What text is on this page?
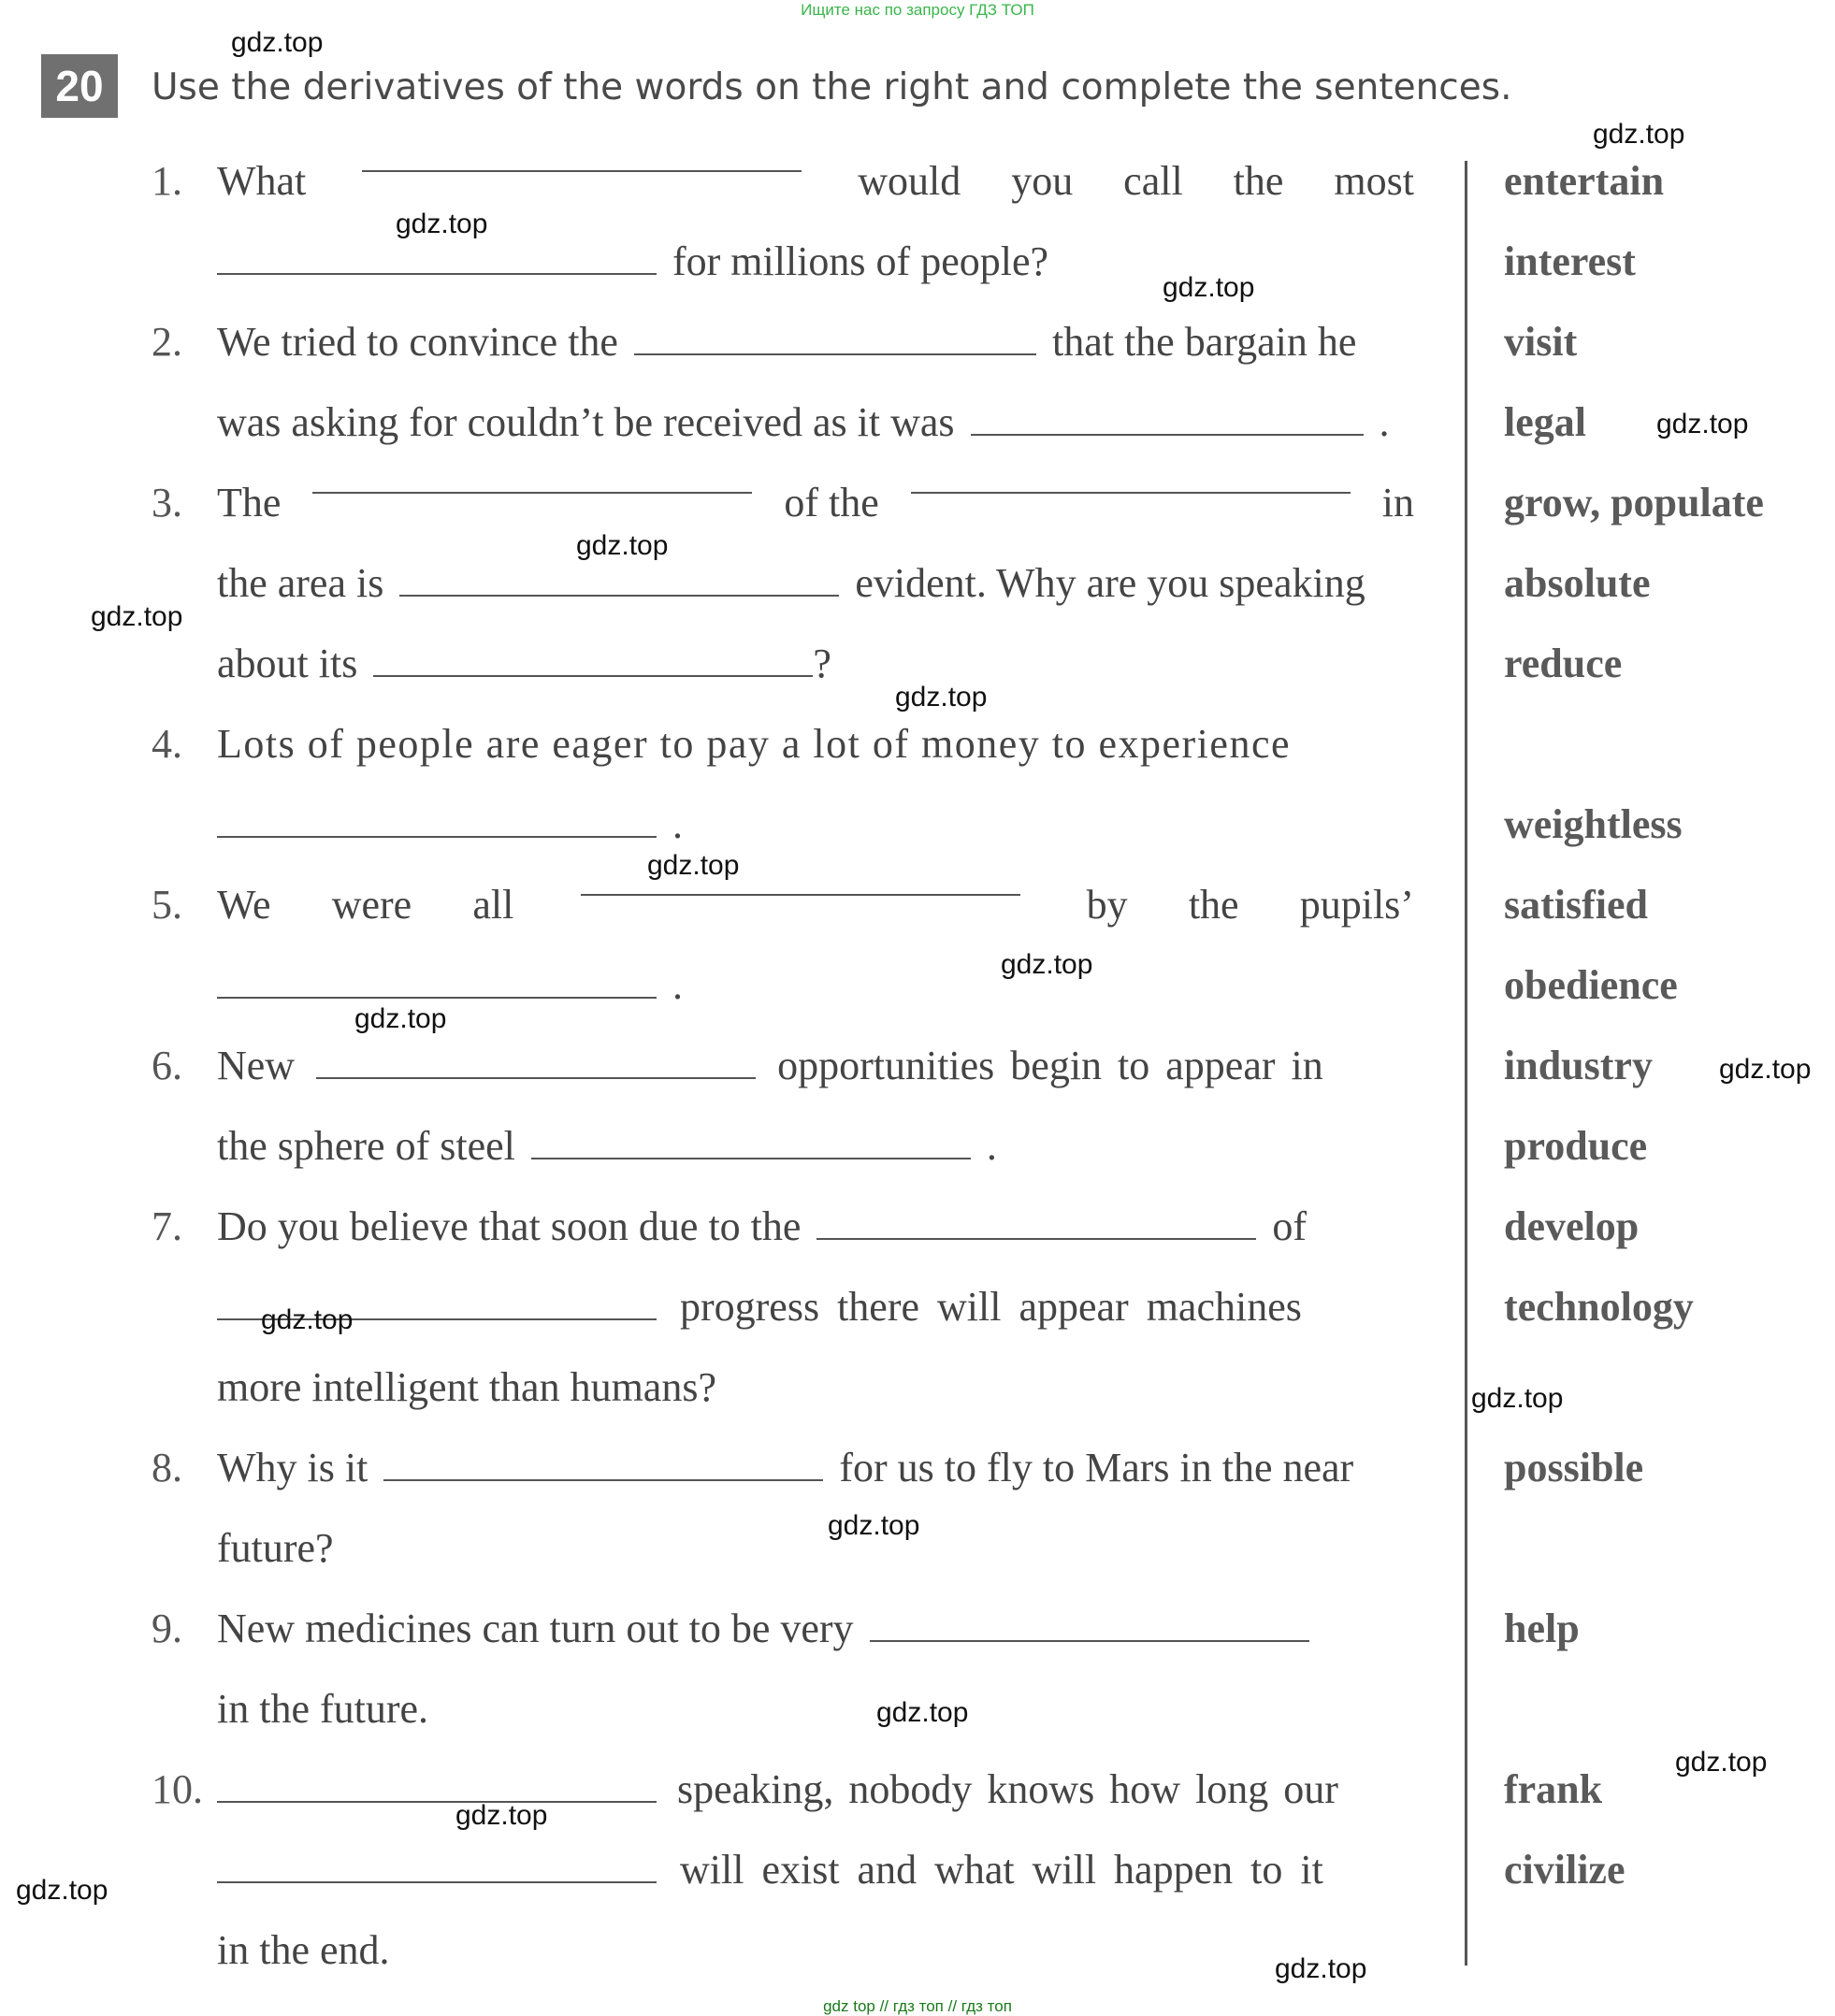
Ищите нас по запросу ГДЗ ТОП
20	Use the derivatives of the words on the right and complete the sentences.
1. What	would you call the most
for millions of people?
2. We tried to convince the	that the bargain he
was asking for couldn’t be received as it was	.
3. The	of the	in
the area is	evident. Why are you speaking
about its	?
4. Lots of people are eager to pay a lot of money to experience
.
5. We were all	by the pupils’
.
6. New	opportunities begin to appear in
the sphere of steel	.
7. Do you believe that soon due to the	of
progress there will appear machines
more intelligent than humans?
8. Why is it	for us to fly to Mars in the near
future?
9. New medicines can turn out to be very
in the future.
10.	speaking, nobody knows how long our
will exist and what will happen to it
in the end.
entertain
interest
visit
legal
grow, populate
absolute
reduce
weightless
satisfied
obedience
industry
produce
develop
technology
possible
help
frank
civilize
gdz.top
gdz.top
gdz.top
gdz.top
gdz.top
gdz.top
gdz.top
gdz.top
gdz.top
gdz.top
gdz.top
gdz.top
gdz.top
gdz.top
gdz.top
gdz.top
gdz.top
gdz.top
gdz.top
gdz.top
gdz top // гдз топ // гдз топ
